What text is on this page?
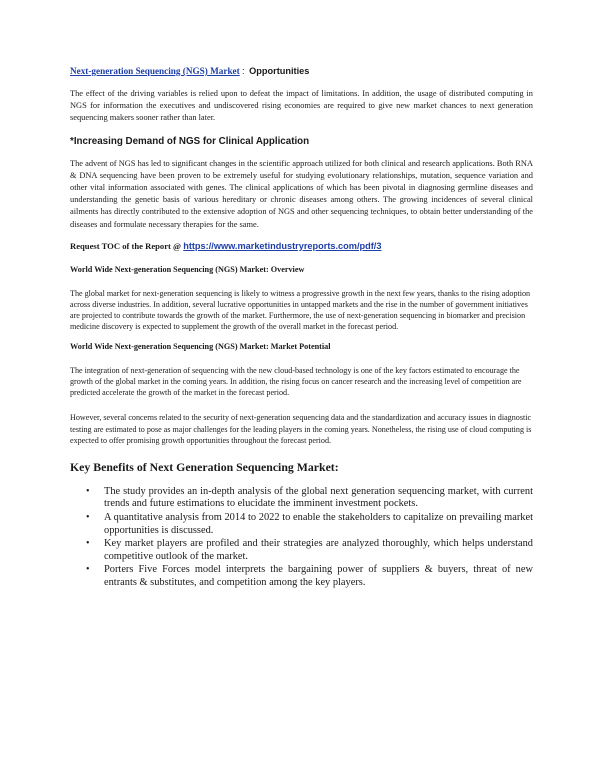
Next-generation Sequencing (NGS) Market : Opportunities

The effect of the driving variables is relied upon to defeat the impact of limitations. In addition, the usage of distributed computing in NGS for information the executives and undiscovered rising economies are required to give new market chances to next generation sequencing makers sooner rather than later.

*Increasing Demand of NGS for Clinical Application

The advent of NGS has led to significant changes in the scientific approach utilized for both clinical and research applications. Both RNA & DNA sequencing have been proven to be extremely useful for studying evolutionary relationships, mutation, sequence variation and other vital information associated with genes. The clinical applications of which has been pivotal in diagnosing germline diseases and understanding the genetic basis of various hereditary or chronic diseases among others. The growing incidences of several clinical ailments has directly contributed to the extensive adoption of NGS and other sequencing techniques, to obtain better understanding of the diseases and formulate necessary therapies for the same.

Request TOC of the Report @ https://www.marketindustryreports.com/pdf/3

World Wide Next-generation Sequencing (NGS) Market: Overview

The global market for next-generation sequencing is likely to witness a progressive growth in the next few years, thanks to the rising adoption across diverse industries. In addition, several lucrative opportunities in untapped markets and the rise in the number of government initiatives are projected to contribute towards the growth of the market. Furthermore, the use of next-generation sequencing in biomarker and precision medicine discovery is expected to supplement the growth of the overall market in the forecast period.

World Wide Next-generation Sequencing (NGS) Market: Market Potential

The integration of next-generation of sequencing with the new cloud-based technology is one of the key factors estimated to encourage the growth of the global market in the coming years. In addition, the rising focus on cancer research and the increasing level of competition are predicted accelerate the growth of the market in the forecast period.

However, several concerns related to the security of next-generation sequencing data and the standardization and accuracy issues in diagnostic testing are estimated to pose as major challenges for the leading players in the coming years. Nonetheless, the rising use of cloud computing is expected to offer promising growth opportunities throughout the forecast period.

Key Benefits of Next Generation Sequencing Market:

• The study provides an in-depth analysis of the global next generation sequencing market, with current trends and future estimations to elucidate the imminent investment pockets.
• A quantitative analysis from 2014 to 2022 to enable the stakeholders to capitalize on prevailing market opportunities is discussed.
• Key market players are profiled and their strategies are analyzed thoroughly, which helps understand competitive outlook of the market.
• Porters Five Forces model interprets the bargaining power of suppliers & buyers, threat of new entrants & substitutes, and competition among the key players.
